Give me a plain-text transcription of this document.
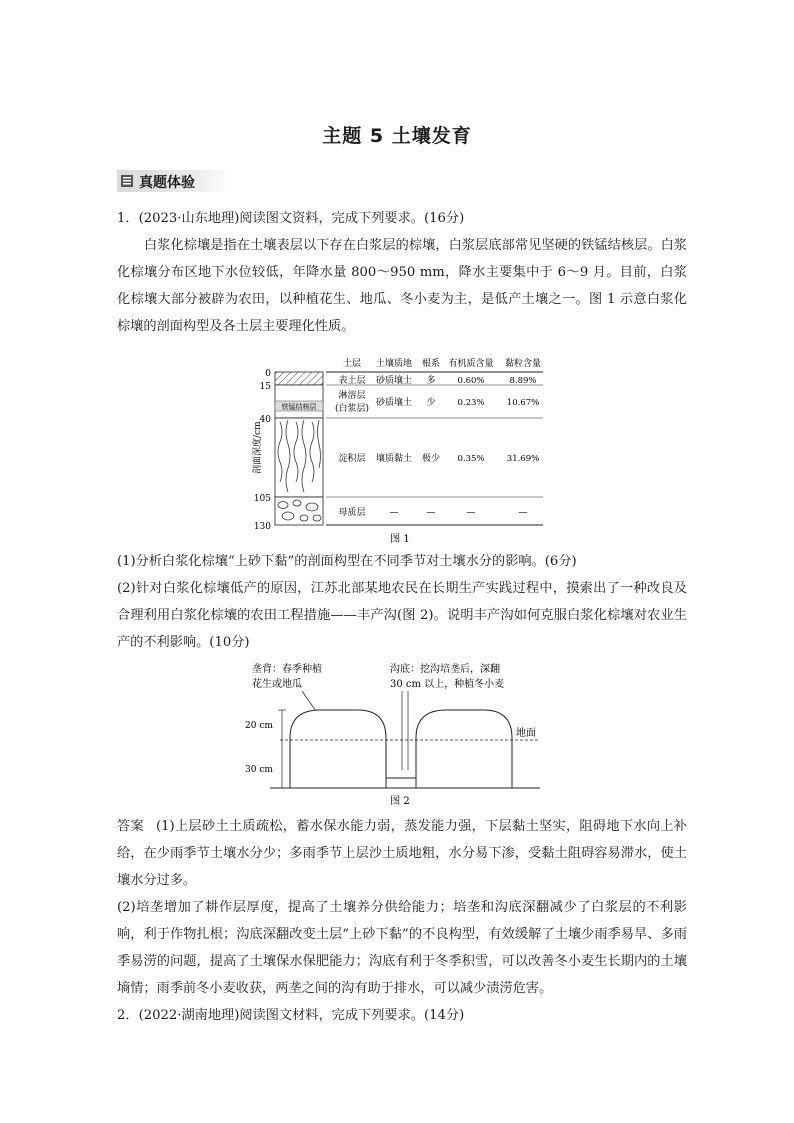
主题 5 土壤发育
真题体验

1．(2023·山东地理)阅读图文资料，完成下列要求。(16分)

白浆化棕壤是指在土壤表层以下存在白浆层的棕壤，白浆层底部常见坚硬的铁锰结核层。白浆化棕壤分布区地下水位较低，年降水量 800～950 mm，降水主要集中于 6～9 月。目前，白浆化棕壤大部分被辟为农田，以种植花生、地瓜、冬小麦为主，是低产土壤之一。图 1 示意白浆化棕壤的剖面构型及各土层主要理化性质。

铁锰结核层
0
15
40
105
130
剖面深度/cm
土层 土壤质地 根系 有机质含量 黏粒含量
表土层 砂质壤土 多	0.60%	8.89%
淋溶层
(白浆层)
砂质壤土 少	0.23%	10.67%
淀积层 壤质黏土 极少 0.35%	31.69%
母质层	—	—	—	—
图 1

(1)分析白浆化棕壤“上砂下黏”的剖面构型在不同季节对土壤水分的影响。(6分)

(2)针对白浆化棕壤低产的原因，江苏北部某地农民在长期生产实践过程中，摸索出了一种改良及合理利用白浆化棕壤的农田工程措施——丰产沟(图 2)。说明丰产沟如何克服白浆化棕壤对农业生产的不利影响。(10分)

垄背：春季种植
花生或地瓜
沟底：挖沟培垄后，深翻
30 cm 以上，种植冬小麦
地面
20 cm
30 cm
图 2

答案 (1)上层砂土土质疏松，蓄水保水能力弱，蒸发能力强，下层黏土坚实，阻碍地下水向上补给，在少雨季节土壤水分少；多雨季节上层沙土质地粗，水分易下渗，受黏土阻碍容易滞水，使土壤水分过多。

(2)培垄增加了耕作层厚度，提高了土壤养分供给能力；培垄和沟底深翻减少了白浆层的不利影响，利于作物扎根；沟底深翻改变土层“上砂下黏”的不良构型，有效缓解了土壤少雨季易旱、多雨季易涝的问题，提高了土壤保水保肥能力；沟底有利于冬季积雪，可以改善冬小麦生长期内的土壤墒情；雨季前冬小麦收获，两垄之间的沟有助于排水，可以减少渍涝危害。

2．(2022·湖南地理)阅读图文材料，完成下列要求。(14分)
